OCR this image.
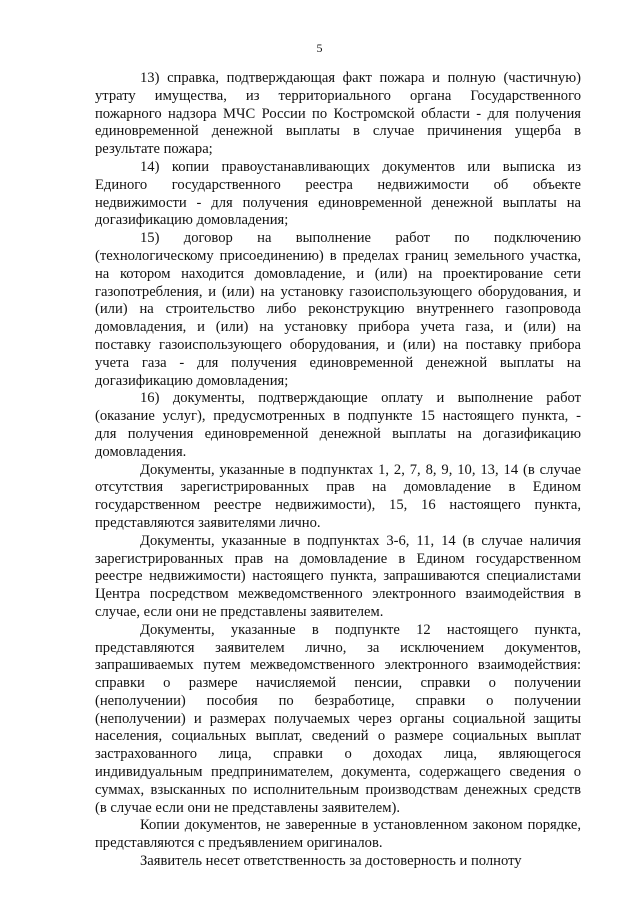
5
13) справка, подтверждающая факт пожара и полную (частичную)
утрату имущества, из территориального органа Государственного
пожарного надзора МЧС России по Костромской области - для получения
единовременной денежной выплаты в случае причинения ущерба в
результате пожара;
14) копии правоустанавливающих документов или выписка из
Единого государственного реестра недвижимости об объекте
недвижимости - для получения единовременной денежной выплаты на
догазификацию домовладения;
15) договор на выполнение работ по подключению
(технологическому присоединению) в пределах границ земельного участка,
на котором находится домовладение, и (или) на проектирование сети
газопотребления, и (или) на установку газоиспользующего оборудования, и
(или) на строительство либо реконструкцию внутреннего газопровода
домовладения, и (или) на установку прибора учета газа, и (или) на
поставку газоиспользующего оборудования, и (или) на поставку прибора
учета газа - для получения единовременной денежной выплаты на
догазификацию домовладения;
16) документы, подтверждающие оплату и выполнение работ
(оказание услуг), предусмотренных в подпункте 15 настоящего пункта, -
для получения единовременной денежной выплаты на догазификацию
домовладения.
Документы, указанные в подпунктах 1, 2, 7, 8, 9, 10, 13, 14 (в случае
отсутствия зарегистрированных прав на домовладение в Едином
государственном реестре недвижимости), 15, 16 настоящего пункта,
представляются заявителями лично.
Документы, указанные в подпунктах 3-6, 11, 14 (в случае наличия
зарегистрированных прав на домовладение в Едином государственном
реестре недвижимости) настоящего пункта, запрашиваются специалистами
Центра посредством межведомственного электронного взаимодействия в
случае, если они не представлены заявителем.
Документы, указанные в подпункте 12 настоящего пункта,
представляются заявителем лично, за исключением документов,
запрашиваемых путем межведомственного электронного взаимодействия:
справки о размере начисляемой пенсии, справки о получении
(неполучении) пособия по безработице, справки о получении
(неполучении) и размерах получаемых через органы социальной защиты
населения, социальных выплат, сведений о размере социальных выплат
застрахованного лица, справки о доходах лица, являющегося
индивидуальным предпринимателем, документа, содержащего сведения о
суммах, взысканных по исполнительным производствам денежных средств
(в случае если они не представлены заявителем).
Копии документов, не заверенные в установленном законом порядке,
представляются с предъявлением оригиналов.
Заявитель несет ответственность за достоверность и полноту
